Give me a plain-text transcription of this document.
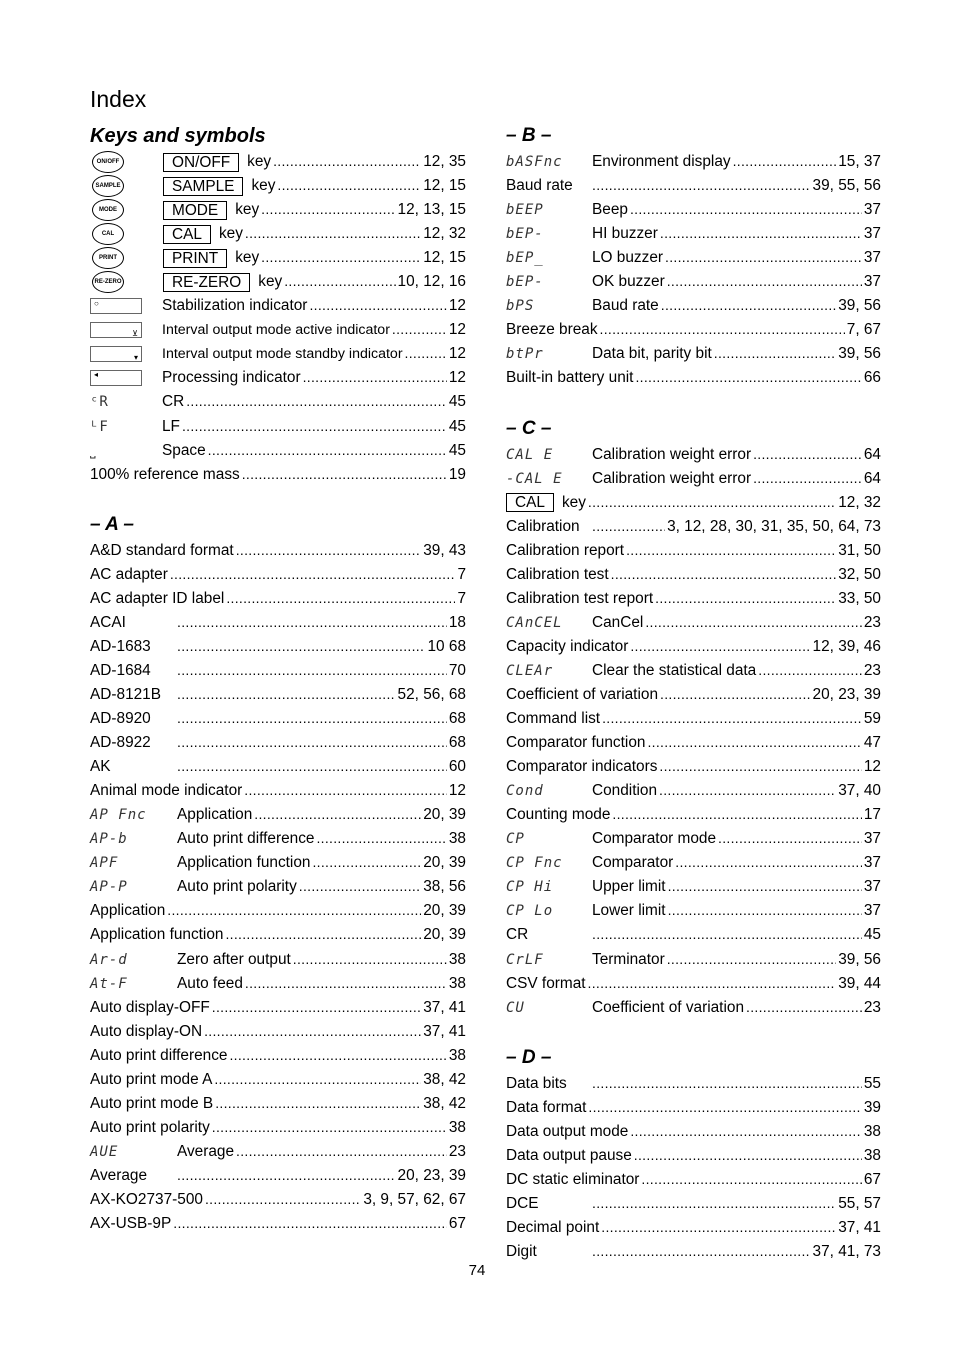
Index
Keys and symbols
ON/OFF	ON/OFF	key .....	12, 35
SAMPLE	SAMPLE	key .....	12, 15
MODE	MODE	key .....	12, 13, 15
CAL	CAL	key .....	12, 32
PRINT	PRINT	key .....	12, 15
RE-ZERO	RE-ZERO	key .....	10, 12, 16
○	Stabilization indicator .....	12
⊻ Interval output mode active indicator .....	12
▾ Interval output mode standby indicator .....	12
◂	Processing indicator .....	12
ᶜR	CR .....	45
ᴸF	LF .....	45
⎵	Space .....	45
100% reference mass .....	19
– A –
A&D standard format .....	39, 43
AC adapter .....	7
AC adapter ID label .....	7
ACAI .....	18
AD-1683 .....	10 68
AD-1684 .....	70
AD-8121B .....	52, 56, 68
AD-8920 .....	68
AD-8922 .....	68
AK .....	60
Animal mode indicator .....	12
AP Fnc	Application .....	20, 39
AP-b	Auto print difference .....	38
APF	Application function .....	20, 39
AP-P	Auto print polarity .....	38, 56
Application .....	20, 39
Application function .....	20, 39
Ar-d	Zero after output .....	38
At-F	Auto feed .....	38
Auto display-OFF .....	37, 41
Auto display-ON .....	37, 41
Auto print difference .....	38
Auto print mode A .....	38, 42
Auto print mode B .....	38, 42
Auto print polarity .....	38
AUE	Average .....	23
Average .....	20, 23, 39
AX-KO2737-500 .....	3, 9, 57, 62, 67
AX-USB-9P .....	67
– B –
bASFnc	Environment display .....	15, 37
Baud rate .....	39, 55, 56
bEEP	Beep .....	37
bEP-	HI buzzer .....	37
bEP_	LO buzzer .....	37
bEP-	OK buzzer .....	37
bPS	Baud rate .....	39, 56
Breeze break .....	7, 67
btPr	Data bit, parity bit .....	39, 56
Built-in battery unit .....	66
– C –
CAL E	Calibration weight error .....	64
-CAL E	Calibration weight error .....	64
CAL	key .....	12, 32
Calibration .....	3, 12, 28, 30, 31, 35, 50, 64, 73
Calibration report .....	31, 50
Calibration test .....	32, 50
Calibration test report .....	33, 50
CAnCEL	CanCel .....	23
Capacity indicator .....	12, 39, 46
CLEAr	Clear the statistical data .....	23
Coefficient of variation .....	20, 23, 39
Command list .....	59
Comparator function .....	47
Comparator indicators .....	12
Cond	Condition .....	37, 40
Counting mode .....	17
CP	Comparator mode .....	37
CP Fnc	Comparator .....	37
CP Hi	Upper limit .....	37
CP Lo	Lower limit .....	37
CR .....	45
CrLF	Terminator .....	39, 56
CSV format .....	39, 44
CU	Coefficient of variation .....	23
– D –
Data bits .....	55
Data format .....	39
Data output mode .....	38
Data output pause .....	38
DC static eliminator .....	67
DCE .....	55, 57
Decimal point .....	37, 41
Digit .....	37, 41, 73
74
